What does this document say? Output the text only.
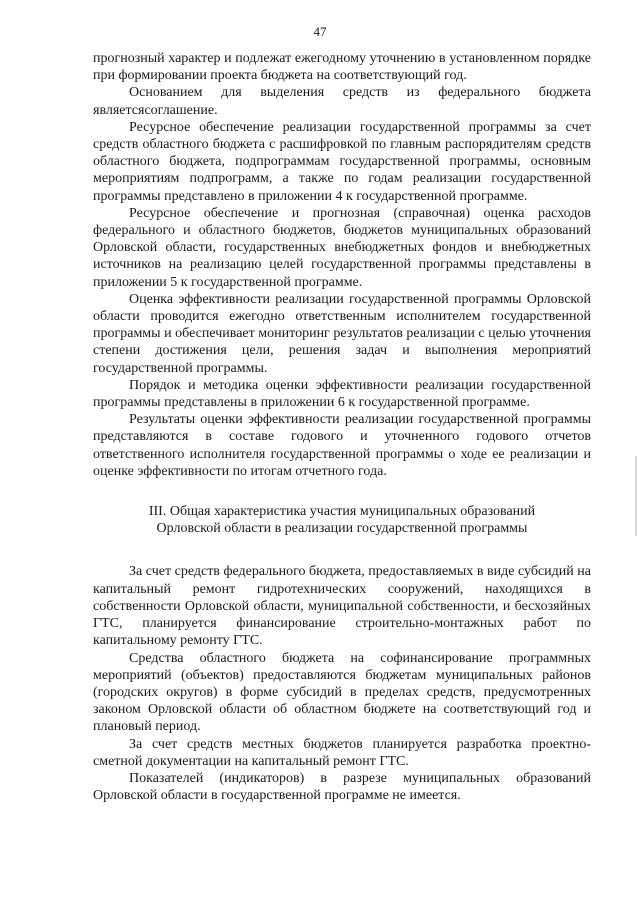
47

прогнозный характер и подлежат ежегодному уточнению в установленном порядке при формировании проекта бюджета на соответствующий год.

Основанием для выделения средств из федерального бюджета являетсясоглашение.

Ресурсное обеспечение реализации государственной программы за счет средств областного бюджета с расшифровкой по главным распорядителям средств областного бюджета, подпрограммам государственной программы, основным мероприятиям подпрограмм, а также по годам реализации государственной программы представлено в приложении 4 к государственной программе.

Ресурсное обеспечение и прогнозная (справочная) оценка расходов федерального и областного бюджетов, бюджетов муниципальных образований Орловской области, государственных внебюджетных фондов и внебюджетных источников на реализацию целей государственной программы представлены в приложении 5 к государственной программе.

Оценка эффективности реализации государственной программы Орловской области проводится ежегодно ответственным исполнителем государственной программы и обеспечивает мониторинг результатов реализации с целью уточнения степени достижения цели, решения задач и выполнения мероприятий государственной программы.

Порядок и методика оценки эффективности реализации государственной программы представлены в приложении 6 к государственной программе.

Результаты оценки эффективности реализации государственной программы представляются в составе годового и уточненного годового отчетов ответственного исполнителя государственной программы о ходе ее реализации и оценке эффективности по итогам отчетного года.

III. Общая характеристика участия муниципальных образований
Орловской области в реализации государственной программы

За счет средств федерального бюджета, предоставляемых в виде субсидий на капитальный ремонт гидротехнических сооружений, находящихся в собственности Орловской области, муниципальной собственности, и бесхозяйных ГТС, планируется финансирование строительно-монтажных работ по капитальному ремонту ГТС.

Средства областного бюджета на софинансирование программных мероприятий (объектов) предоставляются бюджетам муниципальных районов (городских округов) в форме субсидий в пределах средств, предусмотренных законом Орловской области об областном бюджете на соответствующий год и плановый период.

За счет средств местных бюджетов планируется разработка проектно-сметной документации на капитальный ремонт ГТС.

Показателей (индикаторов) в разрезе муниципальных образований Орловской области в государственной программе не имеется.
